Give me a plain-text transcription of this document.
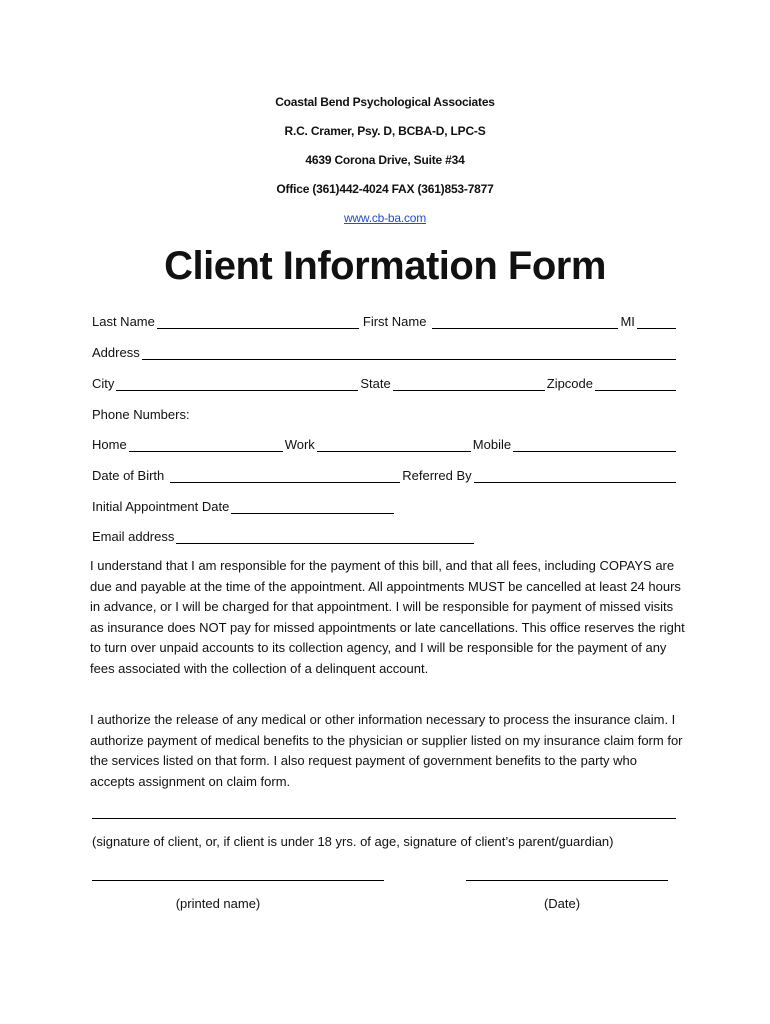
Coastal Bend Psychological Associates
R.C. Cramer, Psy. D, BCBA-D, LPC-S
4639 Corona Drive, Suite #34
Office (361)442-4024 FAX (361)853-7877
www.cb-ba.com
Client Information Form
Last Name	First Name	MI
Address
City	State	Zipcode
Phone Numbers:
Home	Work	Mobile
Date of Birth	Referred By
Initial Appointment Date
Email address
I understand that I am responsible for the payment of this bill, and that all fees, including COPAYS are due and payable at the time of the appointment. All appointments MUST be cancelled at least 24 hours in advance, or I will be charged for that appointment. I will be responsible for payment of missed visits as insurance does NOT pay for missed appointments or late cancellations. This office reserves the right to turn over unpaid accounts to its collection agency, and I will be responsible for the payment of any fees associated with the collection of a delinquent account.
I authorize the release of any medical or other information necessary to process the insurance claim. I authorize payment of medical benefits to the physician or supplier listed on my insurance claim form for the services listed on that form. I also request payment of government benefits to the party who accepts assignment on claim form.
(signature of client, or, if client is under 18 yrs. of age, signature of client’s parent/guardian)
(printed name)	(Date)
